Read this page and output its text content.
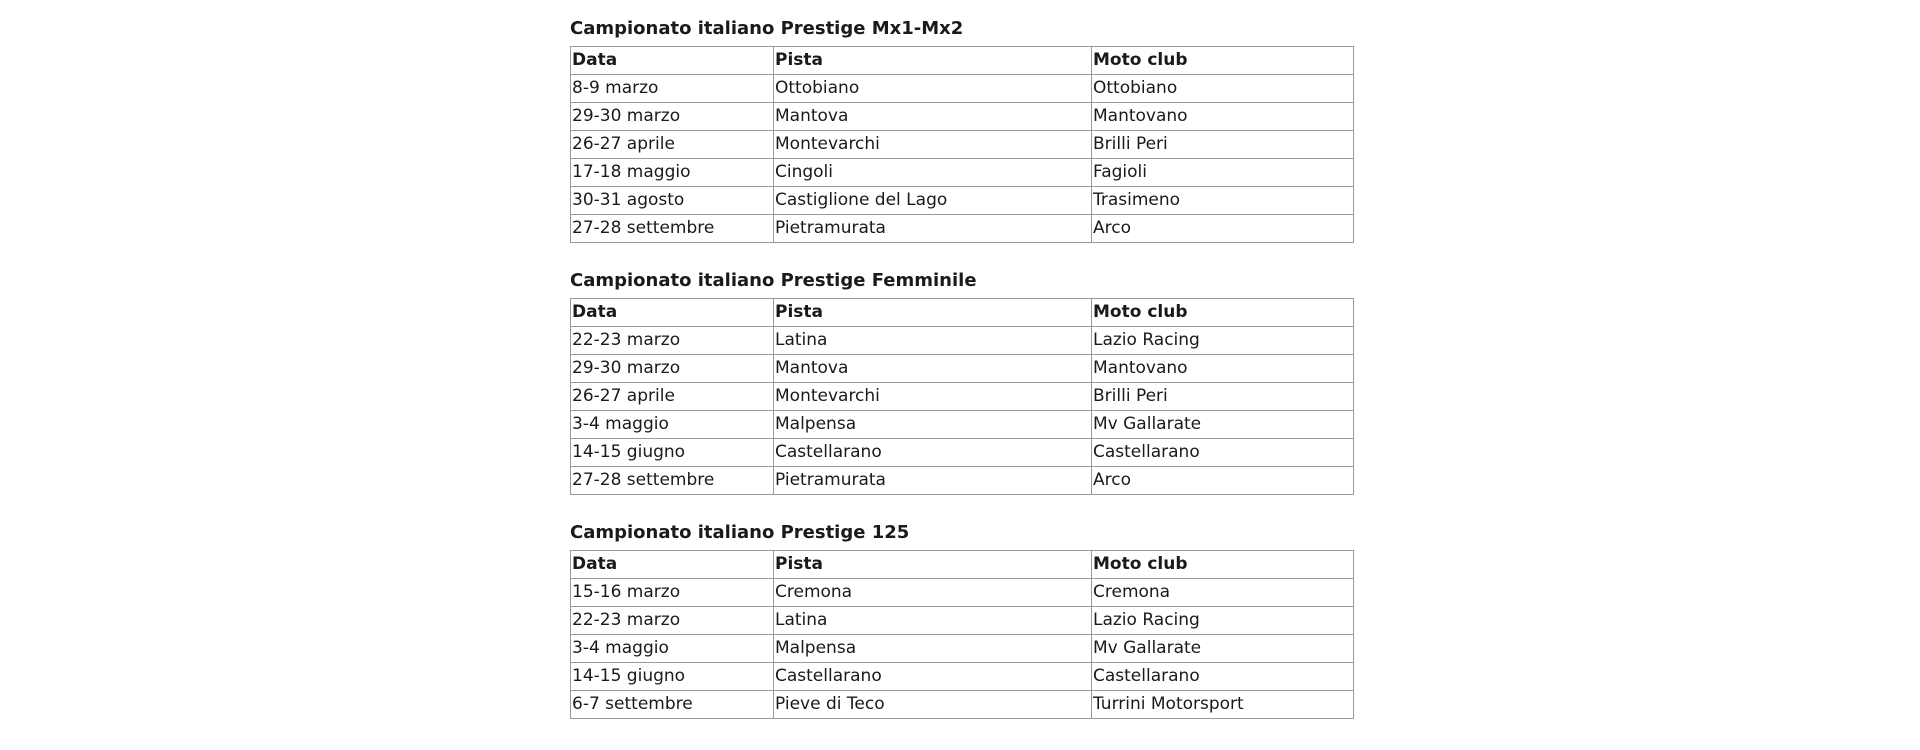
Campionato italiano Prestige Mx1-Mx2
Data	Pista	Moto club
8-9 marzo	Ottobiano	Ottobiano
29-30 marzo	Mantova	Mantovano
26-27 aprile	Montevarchi	Brilli Peri
17-18 maggio	Cingoli	Fagioli
30-31 agosto	Castiglione del Lago	Trasimeno
27-28 settembre	Pietramurata	Arco
Campionato italiano Prestige Femminile
Data	Pista	Moto club
22-23 marzo	Latina	Lazio Racing
29-30 marzo	Mantova	Mantovano
26-27 aprile	Montevarchi	Brilli Peri
3-4 maggio	Malpensa	Mv Gallarate
14-15 giugno	Castellarano	Castellarano
27-28 settembre	Pietramurata	Arco
Campionato italiano Prestige 125
Data	Pista	Moto club
15-16 marzo	Cremona	Cremona
22-23 marzo	Latina	Lazio Racing
3-4 maggio	Malpensa	Mv Gallarate
14-15 giugno	Castellarano	Castellarano
6-7 settembre	Pieve di Teco	Turrini Motorsport
